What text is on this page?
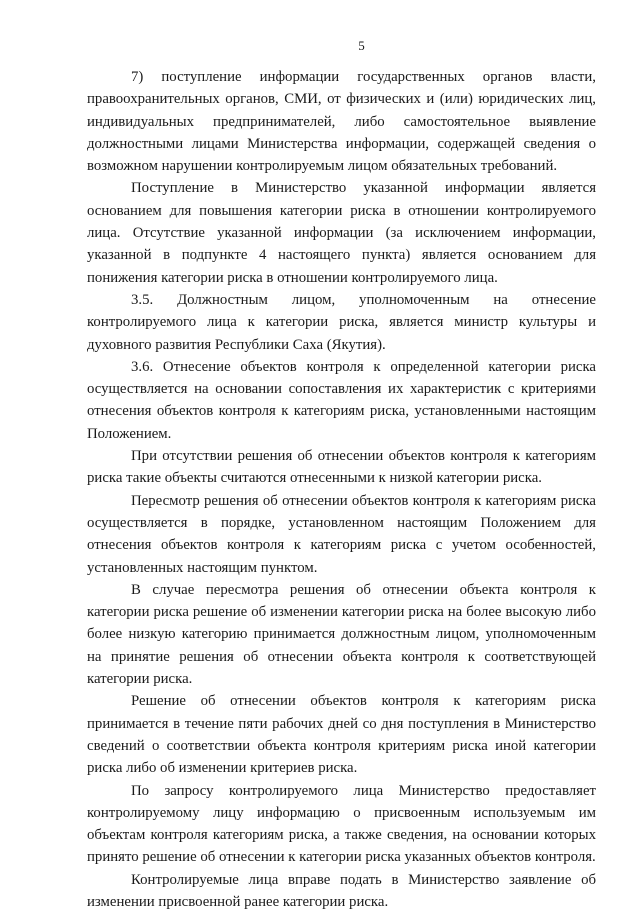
5

7) поступление информации государственных органов власти, правоохранительных органов, СМИ, от физических и (или) юридических лиц, индивидуальных предпринимателей, либо самостоятельное выявление должностными лицами Министерства информации, содержащей сведения о возможном нарушении контролируемым лицом обязательных требований.

Поступление в Министерство указанной информации является основанием для повышения категории риска в отношении контролируемого лица. Отсутствие указанной информации (за исключением информации, указанной в подпункте 4 настоящего пункта) является основанием для понижения категории риска в отношении контролируемого лица.

3.5. Должностным лицом, уполномоченным на отнесение контролируемого лица к категории риска, является министр культуры и духовного развития Республики Саха (Якутия).

3.6. Отнесение объектов контроля к определенной категории риска осуществляется на основании сопоставления их характеристик с критериями отнесения объектов контроля к категориям риска, установленными настоящим Положением.

При отсутствии решения об отнесении объектов контроля к категориям риска такие объекты считаются отнесенными к низкой категории риска.

Пересмотр решения об отнесении объектов контроля к категориям риска осуществляется в порядке, установленном настоящим Положением для отнесения объектов контроля к категориям риска с учетом особенностей, установленных настоящим пунктом.

В случае пересмотра решения об отнесении объекта контроля к категории риска решение об изменении категории риска на более высокую либо более низкую категорию принимается должностным лицом, уполномоченным на принятие решения об отнесении объекта контроля к соответствующей категории риска.

Решение об отнесении объектов контроля к категориям риска принимается в течение пяти рабочих дней со дня поступления в Министерство сведений о соответствии объекта контроля критериям риска иной категории риска либо об изменении критериев риска.

По запросу контролируемого лица Министерство предоставляет контролируемому лицу информацию о присвоенным используемым им объектам контроля категориям риска, а также сведения, на основании которых принято решение об отнесении к категории риска указанных объектов контроля.

Контролируемые лица вправе подать в Министерство заявление об изменении присвоенной ранее категории риска.
